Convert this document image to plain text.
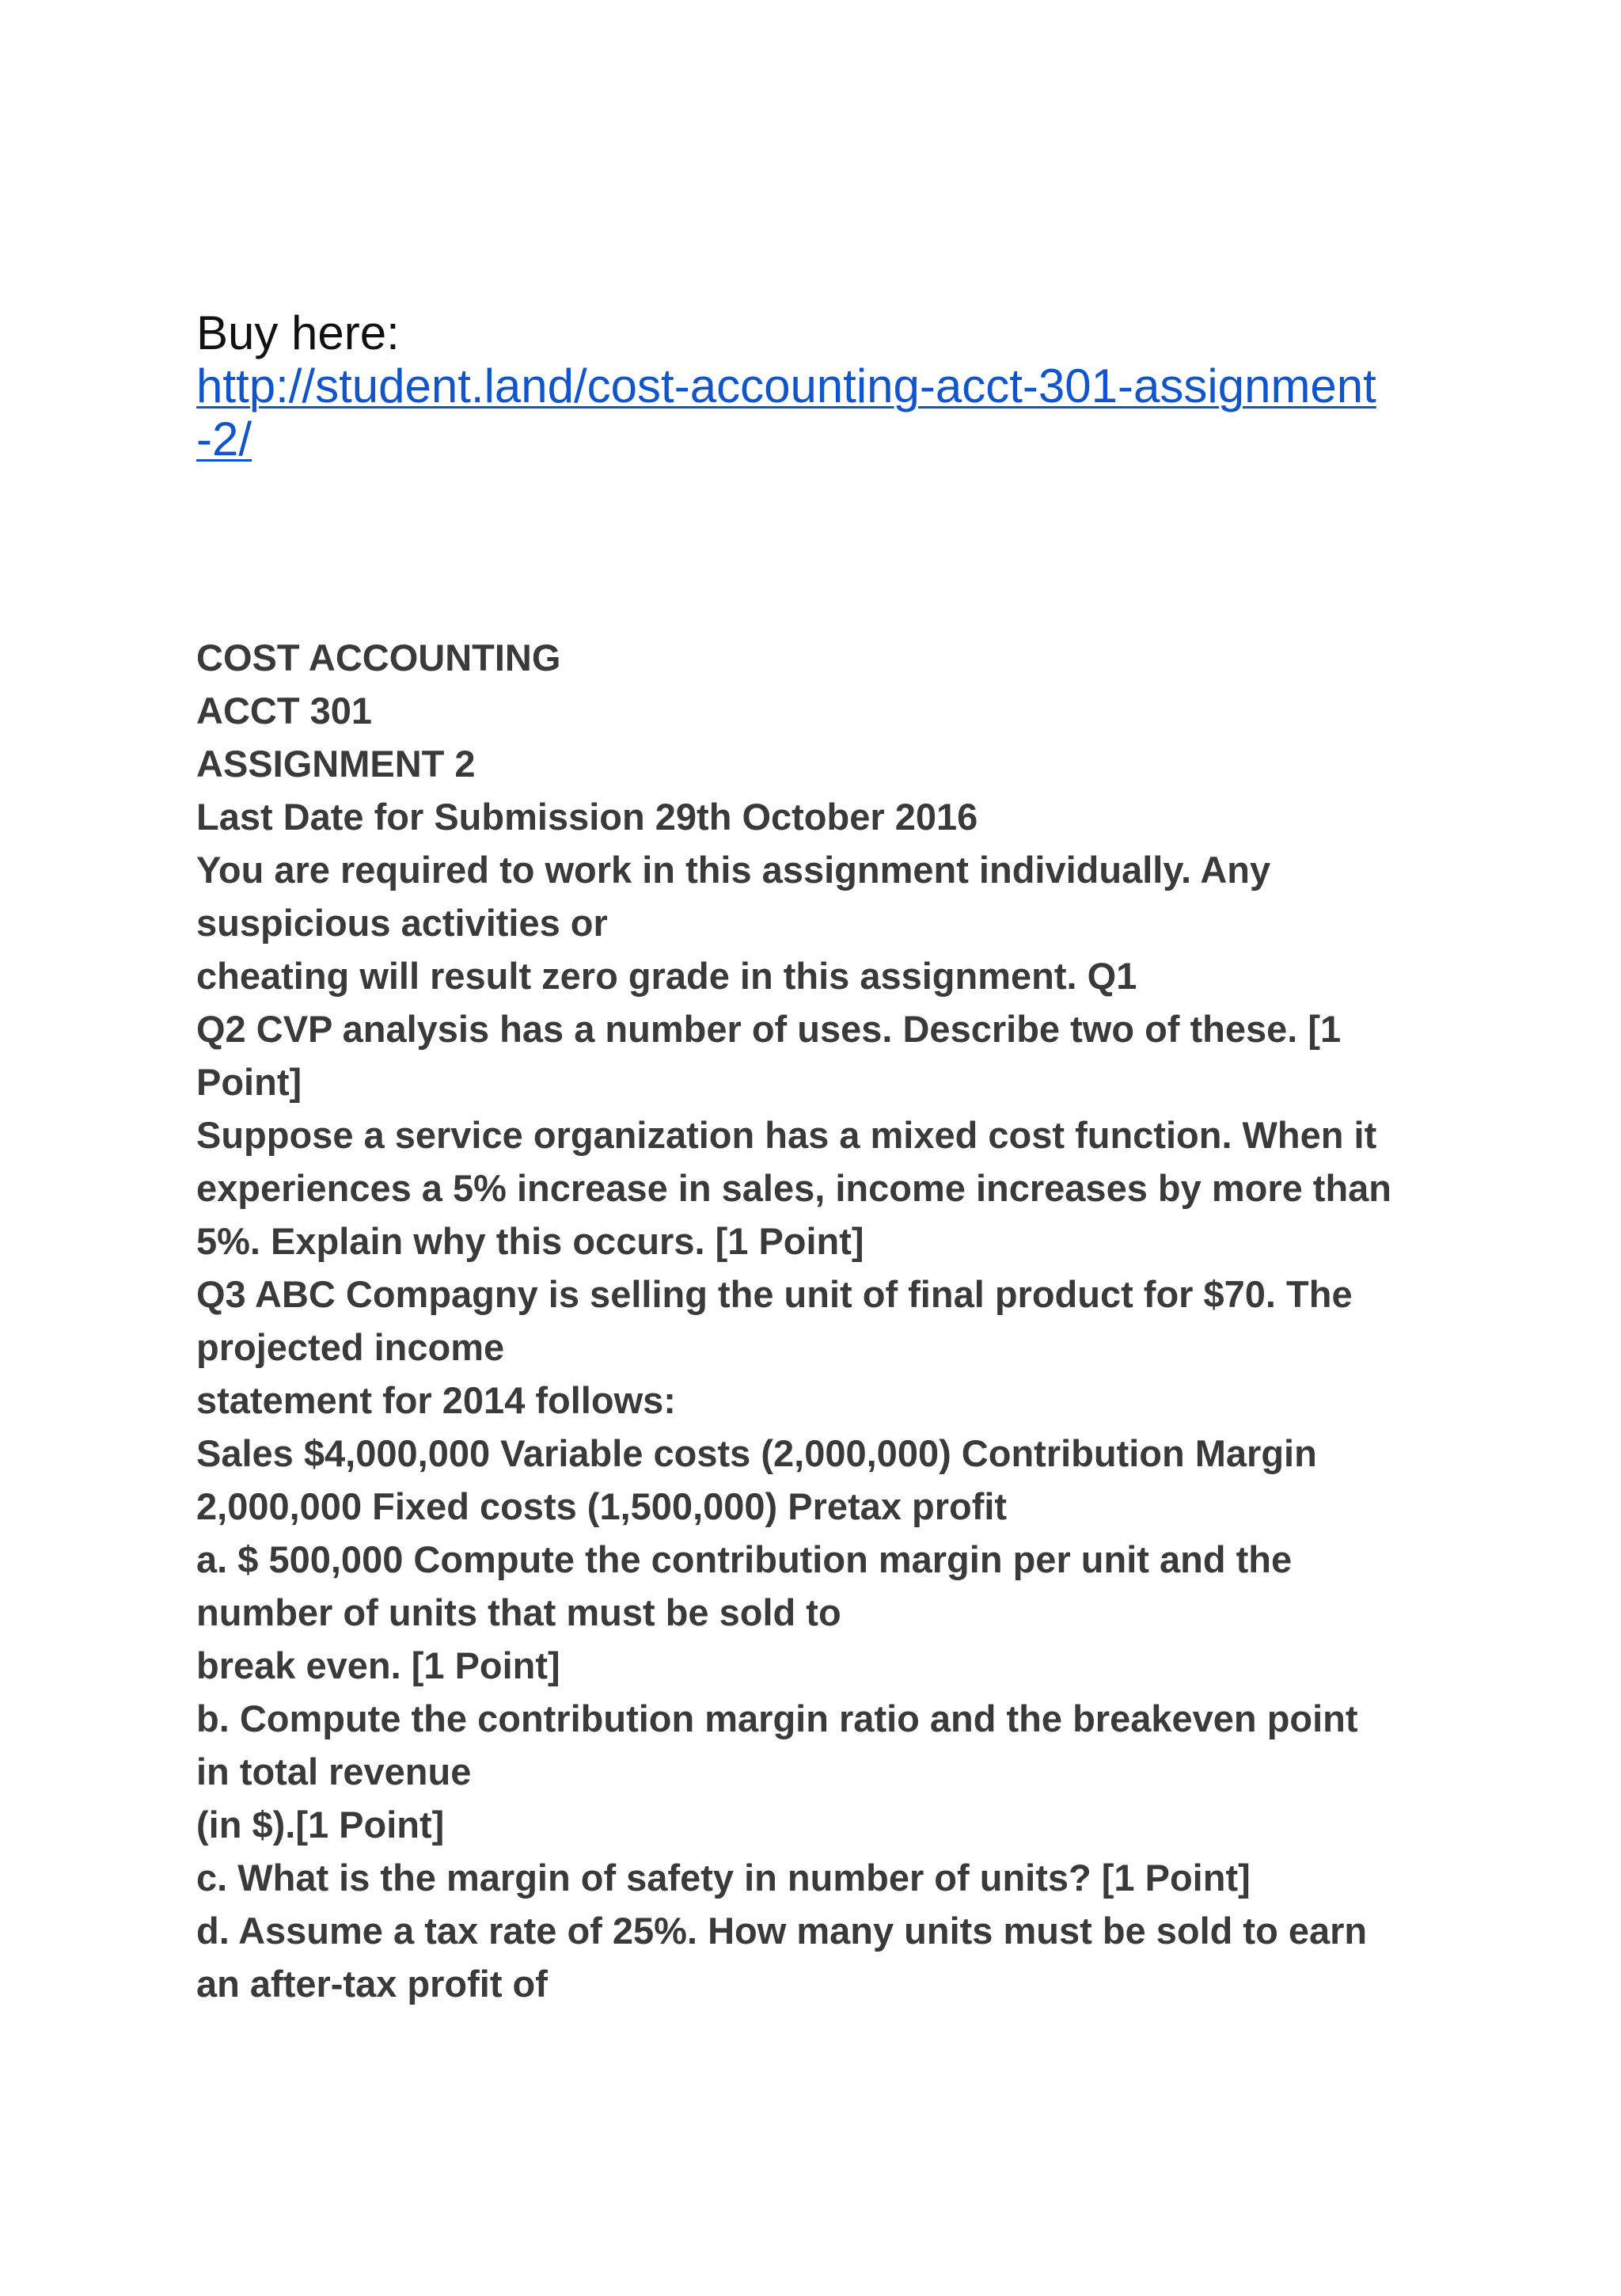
Buy here:
http://student.land/cost-accounting-acct-301-assignment
-2/
COST ACCOUNTING
ACCT 301
ASSIGNMENT 2
Last Date for Submission 29th October 2016
You are required to work in this assignment individually. Any
suspicious activities or
cheating will result zero grade in this assignment. Q1
Q2 CVP analysis has a number of uses. Describe two of these. [1
Point]
Suppose a service organization has a mixed cost function. When it
experiences a 5% increase in sales, income increases by more than
5%. Explain why this occurs. [1 Point]
Q3 ABC Compagny is selling the unit of final product for $70. The
projected income
statement for 2014 follows:
Sales $4,000,000 Variable costs (2,000,000) Contribution Margin
2,000,000 Fixed costs (1,500,000) Pretax profit
a. $ 500,000 Compute the contribution margin per unit and the
number of units that must be sold to
break even. [1 Point]
b. Compute the contribution margin ratio and the breakeven point
in total revenue
(in $).[1 Point]
c. What is the margin of safety in number of units? [1 Point]
d. Assume a tax rate of 25%. How many units must be sold to earn
an after-tax profit of
